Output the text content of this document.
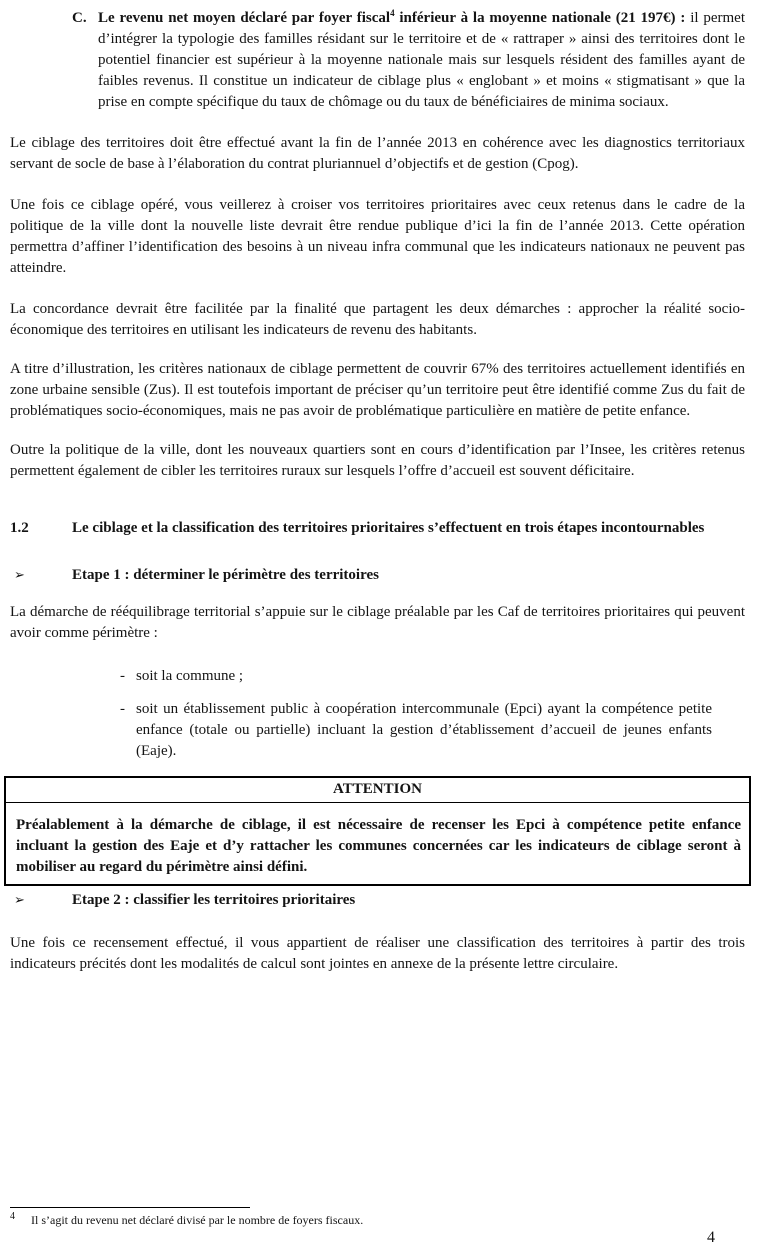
C. Le revenu net moyen déclaré par foyer fiscal$^4$ inférieur à la moyenne nationale (21 197€) : il permet d’intégrer la typologie des familles résidant sur le territoire et de « rattraper » ainsi des territoires dont le potentiel financier est supérieur à la moyenne nationale mais sur lesquels résident des familles ayant de faibles revenus. Il constitue un indicateur de ciblage plus « englobant » et moins « stigmatisant » que la prise en compte spécifique du taux de chômage ou du taux de bénéficiaires de minima sociaux.

Le ciblage des territoires doit être effectué avant la fin de l’année 2013 en cohérence avec les diagnostics territoriaux servant de socle de base à l’élaboration du contrat pluriannuel d’objectifs et de gestion (Cpog).

Une fois ce ciblage opéré, vous veillerez à croiser vos territoires prioritaires avec ceux retenus dans le cadre de la politique de la ville dont la nouvelle liste devrait être rendue publique d’ici la fin de l’année 2013. Cette opération permettra d’affiner l’identification des besoins à un niveau infra communal que les indicateurs nationaux ne peuvent pas atteindre.

La concordance devrait être facilitée par la finalité que partagent les deux démarches : approcher la réalité socio-économique des territoires en utilisant les indicateurs de revenu des habitants.

A titre d’illustration, les critères nationaux de ciblage permettent de couvrir 67% des territoires actuellement identifiés en zone urbaine sensible (Zus). Il est toutefois important de préciser qu’un territoire peut être identifié comme Zus du fait de problématiques socio-économiques, mais ne pas avoir de problématique particulière en matière de petite enfance.

Outre la politique de la ville, dont les nouveaux quartiers sont en cours d’identification par l’Insee, les critères retenus permettent également de cibler les territoires ruraux sur lesquels l’offre d’accueil est souvent déficitaire.

1.2	Le ciblage et la classification des territoires prioritaires s’effectuent en trois étapes incontournables
➢	Etape 1 : déterminer le périmètre des territoires

La démarche de rééquilibrage territorial s’appuie sur le ciblage préalable par les Caf de territoires prioritaires qui peuvent avoir comme périmètre :

- soit la commune ;
- soit un établissement public à coopération intercommunale (Epci) ayant la compétence petite enfance (totale ou partielle) incluant la gestion d’établissement d’accueil de jeunes enfants (Eaje).
ATTENTION

Préalablement à la démarche de ciblage, il est nécessaire de recenser les Epci à compétence petite enfance incluant la gestion des Eaje et d’y rattacher les communes concernées car les indicateurs de ciblage seront à mobiliser au regard du périmètre ainsi défini.

➢	Etape 2 : classifier les territoires prioritaires

Une fois ce recensement effectué, il vous appartient de réaliser une classification des territoires à partir des trois indicateurs précités dont les modalités de calcul sont jointes en annexe de la présente lettre circulaire.

$^4$ Il s’agit du revenu net déclaré divisé par le nombre de foyers fiscaux.
4
